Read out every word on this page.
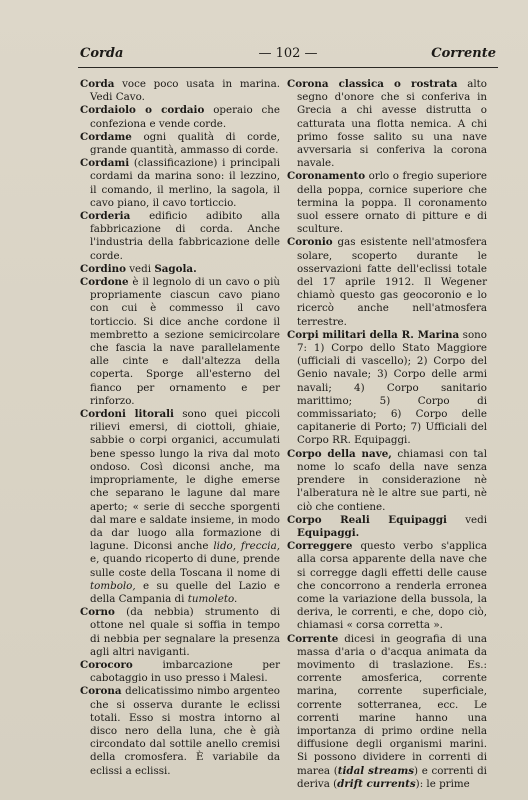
Corda	— 102 —	Corrente

Corda voce poco usata in marina. Vedi Cavo.

Cordaiolo o cordaio operaio che confeziona e vende corde.

Cordame ogni qualità di corde, grande quantità, ammasso di corde.

Cordami (classificazione) i principali cordami da marina sono: il lezzino, il comando, il merlino, la sagola, il cavo piano, il cavo torticcio.

Corderia edificio adibito alla fabbricazione di corda. Anche l'industria della fabbricazione delle corde.

Cordino vedi Sagola.

Cordone è il legnolo di un cavo o più propriamente ciascun cavo piano con cui è commesso il cavo torticcio. Si dice anche cordone il membretto a sezione semicircolare che fascia la nave parallelamente alle cinte e dall'altezza della coperta. Sporge all'esterno del fianco per ornamento e per rinforzo.

Cordoni litorali sono quei piccoli rilievi emersi, di ciottoli, ghiaie, sabbie o corpi organici, accumulati bene spesso lungo la riva dal moto ondoso. Così diconsi anche, ma impropriamente, le dighe emerse che separano le lagune dal mare aperto; « serie di secche sporgenti dal mare e saldate insieme, in modo da dar luogo alla formazione di lagune. Diconsi anche lido, freccia, e, quando ricoperto di dune, prende sulle coste della Toscana il nome di tombolo, e su quelle del Lazio e della Campania di tumoleto.

Corno (da nebbia) strumento di ottone nel quale si soffia in tempo di nebbia per segnalare la presenza agli altri naviganti.

Corocoro imbarcazione per cabotaggio in uso presso i Malesi.

Corona delicatissimo nimbo argenteo che si osserva durante le eclissi totali. Esso si mostra intorno al disco nero della luna, che è già circondato dal sottile anello cremisi della cromosfera. È variabile da eclissi a eclissi.

Corona classica o rostrata alto segno d'onore che si conferiva in Grecia a chi avesse distrutta o catturata una flotta nemica. A chi primo fosse salito su una nave avversaria si conferiva la corona navale.

Coronamento orlo o fregio superiore della poppa, cornice superiore che termina la poppa. Il coronamento suol essere ornato di pitture e di sculture.

Coronio gas esistente nell'atmosfera solare, scoperto durante le osservazioni fatte dell'eclissi totale del 17 aprile 1912. Il Wegener chiamò questo gas geocoronio e lo ricercò anche nell'atmosfera terrestre.

Corpi militari della R. Marina sono 7: 1) Corpo dello Stato Maggiore (ufficiali di vascello); 2) Corpo del Genio navale; 3) Corpo delle armi navali; 4) Corpo sanitario marittimo; 5) Corpo di commissariato; 6) Corpo delle capitanerie di Porto; 7) Ufficiali del Corpo RR. Equipaggi.

Corpo della nave, chiamasi con tal nome lo scafo della nave senza prendere in considerazione nè l'alberatura nè le altre sue parti, nè ciò che contiene.

Corpo Reali Equipaggi vedi Equipaggi.

Correggere questo verbo s'applica alla corsa apparente della nave che si corregge dagli effetti delle cause che concorrono a renderla erronea come la variazione della bussola, la deriva, le correnti, e che, dopo ciò, chiamasi « corsa corretta ».

Corrente dicesi in geografia di una massa d'aria o d'acqua animata da movimento di traslazione. Es.: corrente amosferica, corrente marina, corrente superficiale, corrente sotterranea, ecc. Le correnti marine hanno una importanza di primo ordine nella diffusione degli organismi marini. Si possono dividere in correnti di marea (tidal streams) e correnti di deriva (drift currents): le prime
